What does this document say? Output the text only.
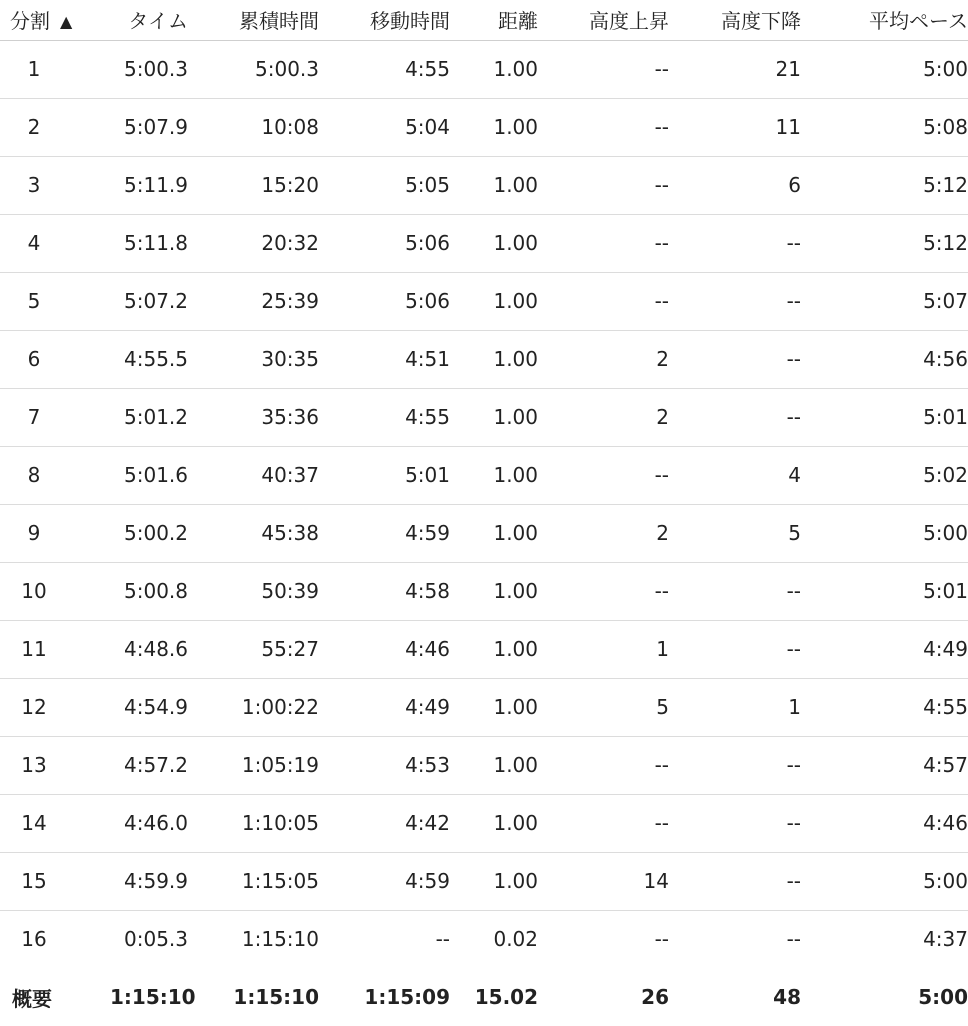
分割 ▲	タイム	累積時間	移動時間	距離	高度上昇	高度下降	平均ペース
1	5:00.3	5:00.3	4:55	1.00	--	21	5:00
2	5:07.9	10:08	5:04	1.00	--	11	5:08
3	5:11.9	15:20	5:05	1.00	--	6	5:12
4	5:11.8	20:32	5:06	1.00	--	--	5:12
5	5:07.2	25:39	5:06	1.00	--	--	5:07
6	4:55.5	30:35	4:51	1.00	2	--	4:56
7	5:01.2	35:36	4:55	1.00	2	--	5:01
8	5:01.6	40:37	5:01	1.00	--	4	5:02
9	5:00.2	45:38	4:59	1.00	2	5	5:00
10	5:00.8	50:39	4:58	1.00	--	--	5:01
11	4:48.6	55:27	4:46	1.00	1	--	4:49
12	4:54.9	1:00:22	4:49	1.00	5	1	4:55
13	4:57.2	1:05:19	4:53	1.00	--	--	4:57
14	4:46.0	1:10:05	4:42	1.00	--	--	4:46
15	4:59.9	1:15:05	4:59	1.00	14	--	5:00
16	0:05.3	1:15:10	--	0.02	--	--	4:37
概要	1:15:10	1:15:10	1:15:09	15.02	26	48	5:00
